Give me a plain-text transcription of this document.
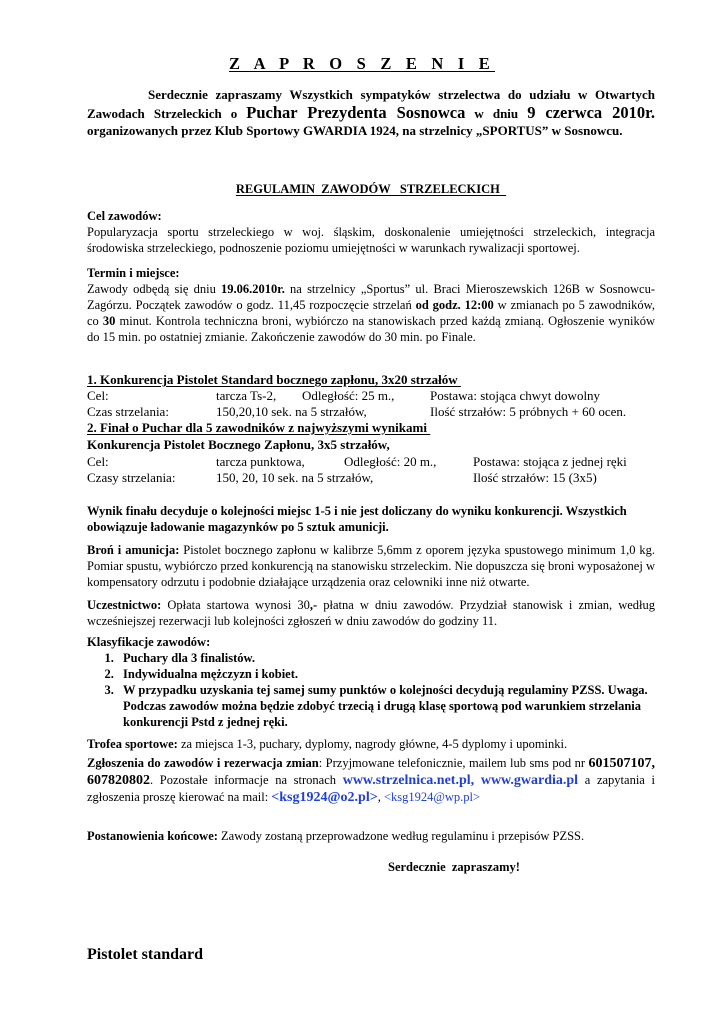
Z A P R O S Z E N I E
Serdecznie zapraszamy Wszystkich sympatyków strzelectwa do udziału w Otwartych Zawodach Strzeleckich o Puchar Prezydenta Sosnowca w dniu 9 czerwca 2010r. organizowanych przez Klub Sportowy GWARDIA 1924, na strzelnicy „SPORTUS” w Sosnowcu.
REGULAMIN  ZAWODÓW   STRZELECKICH
Cel zawodów:
Popularyzacja sportu strzeleckiego w woj. śląskim, doskonalenie umiejętności strzeleckich, integracja środowiska strzeleckiego, podnoszenie poziomu umiejętności w warunkach rywalizacji sportowej.
Termin i miejsce:
Zawody odbędą się dniu 19.06.2010r. na strzelnicy „Sportus” ul. Braci Mieroszewskich 126B w Sosnowcu-Zagórzu. Początek zawodów o godz. 11,45 rozpoczęcie strzelań od godz. 12:00 w zmianach po 5 zawodników, co 30 minut. Kontrola techniczna broni, wybiórczo na stanowiskach przed każdą zmianą. Ogłoszenie wyników do 15 min. po ostatniej zmianie. Zakończenie zawodów do 30 min. po Finale.
1. Konkurencja Pistolet Standard bocznego zapłonu, 3x20 strzałów
Cel:	tarcza Ts-2, Odległość: 25 m.,	Postawa: stojąca chwyt dowolny
Czas strzelania:	150,20,10 sek. na 5 strzałów,	Ilość strzałów: 5 próbnych + 60 ocen.
2. Finał o Puchar dla 5 zawodników z najwyższymi wynikami
Konkurencja Pistolet Bocznego Zapłonu, 3x5 strzałów,
Cel:	tarcza punktowa,	Odległość: 20 m.,	Postawa: stojąca z jednej ręki
Czasy strzelania:	150, 20, 10 sek. na 5 strzałów,	Ilość strzałów: 15 (3x5)
Wynik finału decyduje o kolejności miejsc 1-5 i nie jest doliczany do wyniku konkurencji. Wszystkich obowiązuje ładowanie magazynków po 5 sztuk amunicji.
Broń i amunicja: Pistolet bocznego zapłonu w kalibrze 5,6mm z oporem języka spustowego minimum 1,0 kg. Pomiar spustu, wybiórczo przed konkurencją na stanowisku strzeleckim. Nie dopuszcza się broni wyposażonej w kompensatory odrzutu i podobnie działające urządzenia oraz celowniki inne niż otwarte.
Uczestnictwo: Opłata startowa wynosi 30,- płatna w dniu zawodów. Przydział stanowisk i zmian, według wcześniejszej rezerwacji lub kolejności zgłoszeń w dniu zawodów do godziny 11.
Klasyfikacje zawodów:
1. Puchary dla 3 finalistów.
2. Indywidualna mężczyzn i kobiet.
3. W przypadku uzyskania tej samej sumy punktów o kolejności decydują regulaminy PZSS. Uwaga. Podczas zawodów można będzie zdobyć trzecią i drugą klasę sportową pod warunkiem strzelania konkurencji Pstd z jednej ręki.
Trofea sportowe: za miejsca 1-3, puchary, dyplomy, nagrody główne, 4-5 dyplomy i upominki.
Zgłoszenia do zawodów i rezerwacja zmian: Przyjmowane telefonicznie, mailem lub sms pod nr 601507107, 607820802. Pozostałe informacje na stronach www.strzelnica.net.pl, www.gwardia.pl a zapytania i zgłoszenia proszę kierować na mail: <ksg1924@o2.pl>, <ksg1924@wp.pl>
Postanowienia końcowe: Zawody zostaną przeprowadzone według regulaminu i przepisów PZSS.
Serdecznie  zapraszamy!
Pistolet standard
